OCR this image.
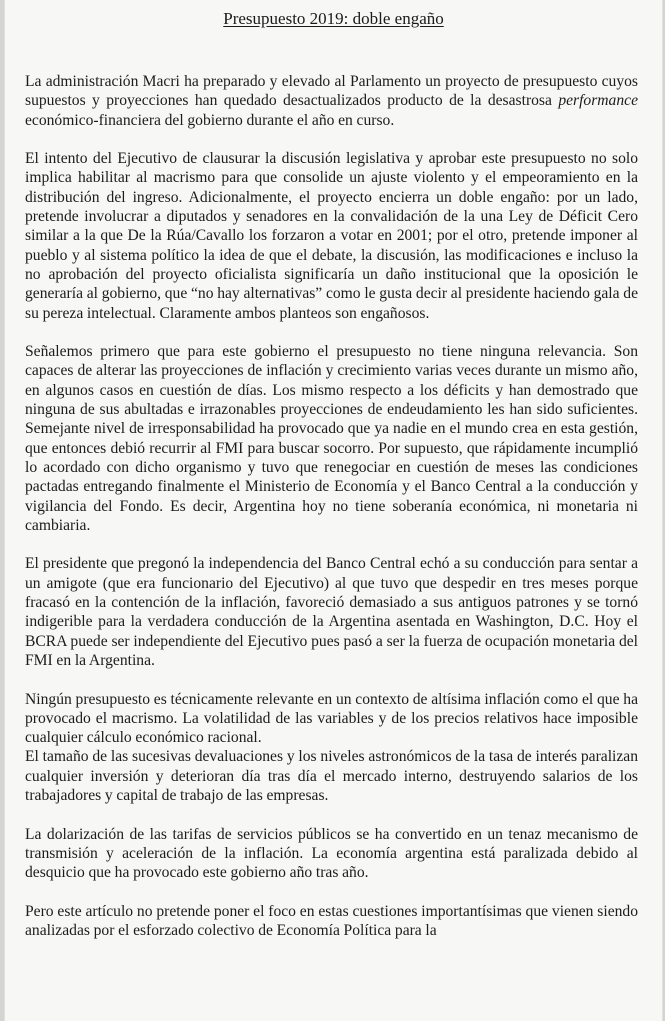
Presupuesto 2019: doble engaño

La administración Macri ha preparado y elevado al Parlamento un proyecto de presupuesto cuyos supuestos y proyecciones han quedado desactualizados producto de la desastrosa performance económico-financiera del gobierno durante el año en curso.

El intento del Ejecutivo de clausurar la discusión legislativa y aprobar este presupuesto no solo implica habilitar al macrismo para que consolide un ajuste violento y el empeoramiento en la distribución del ingreso. Adicionalmente, el proyecto encierra un doble engaño: por un lado, pretende involucrar a diputados y senadores en la convalidación de la una Ley de Déficit Cero similar a la que De la Rúa/Cavallo los forzaron a votar en 2001; por el otro, pretende imponer al pueblo y al sistema político la idea de que el debate, la discusión, las modificaciones e incluso la no aprobación del proyecto oficialista significaría un daño institucional que la oposición le generaría al gobierno, que “no hay alternativas” como le gusta decir al presidente haciendo gala de su pereza intelectual. Claramente ambos planteos son engañosos.

Señalemos primero que para este gobierno el presupuesto no tiene ninguna relevancia. Son capaces de alterar las proyecciones de inflación y crecimiento varias veces durante un mismo año, en algunos casos en cuestión de días. Los mismo respecto a los déficits y han demostrado que ninguna de sus abultadas e irrazonables proyecciones de endeudamiento les han sido suficientes. Semejante nivel de irresponsabilidad ha provocado que ya nadie en el mundo crea en esta gestión, que entonces debió recurrir al FMI para buscar socorro. Por supuesto, que rápidamente incumplió lo acordado con dicho organismo y tuvo que renegociar en cuestión de meses las condiciones pactadas entregando finalmente el Ministerio de Economía y el Banco Central a la conducción y vigilancia del Fondo. Es decir, Argentina hoy no tiene soberanía económica, ni monetaria ni cambiaria.

El presidente que pregonó la independencia del Banco Central echó a su conducción para sentar a un amigote (que era funcionario del Ejecutivo) al que tuvo que despedir en tres meses porque fracasó en la contención de la inflación, favoreció demasiado a sus antiguos patrones y se tornó indigerible para la verdadera conducción de la Argentina asentada en Washington, D.C. Hoy el BCRA puede ser independiente del Ejecutivo pues pasó a ser la fuerza de ocupación monetaria del FMI en la Argentina.

Ningún presupuesto es técnicamente relevante en un contexto de altísima inflación como el que ha provocado el macrismo. La volatilidad de las variables y de los precios relativos hace imposible cualquier cálculo económico racional.

El tamaño de las sucesivas devaluaciones y los niveles astronómicos de la tasa de interés paralizan cualquier inversión y deterioran día tras día el mercado interno, destruyendo salarios de los trabajadores y capital de trabajo de las empresas.

La dolarización de las tarifas de servicios públicos se ha convertido en un tenaz mecanismo de transmisión y aceleración de la inflación. La economía argentina está paralizada debido al desquicio que ha provocado este gobierno año tras año.

Pero este artículo no pretende poner el foco en estas cuestiones importantísimas que vienen siendo analizadas por el esforzado colectivo de Economía Política para la
